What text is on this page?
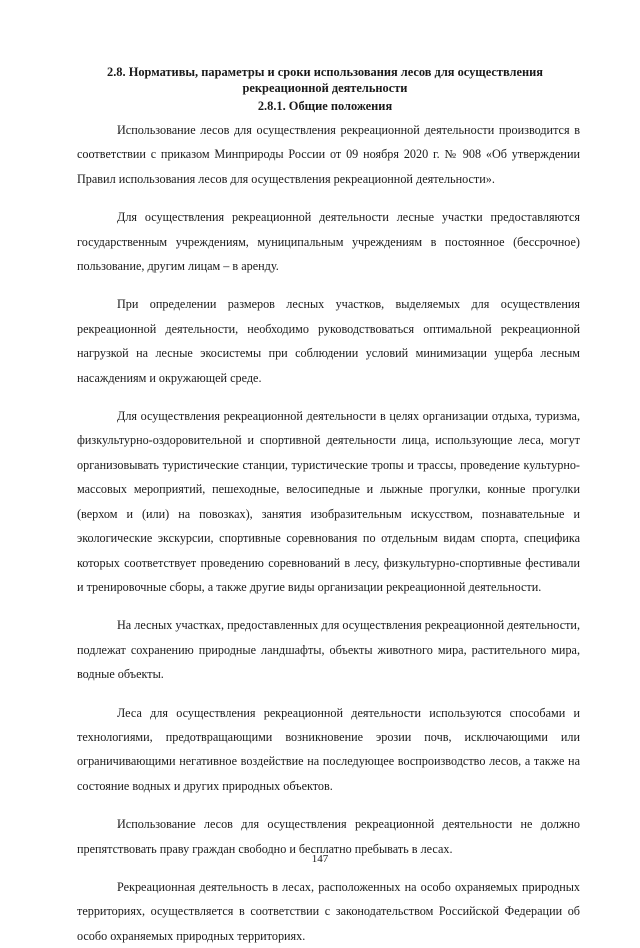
2.8. Нормативы, параметры и сроки использования лесов для осуществления рекреационной деятельности
2.8.1. Общие положения

Использование лесов для осуществления рекреационной деятельности производится в соответствии с приказом Минприроды России от 09 ноября 2020 г. № 908 «Об утверждении Правил использования лесов для осуществления рекреационной деятельности».

Для осуществления рекреационной деятельности лесные участки предоставляются государственным учреждениям, муниципальным учреждениям в постоянное (бессрочное) пользование, другим лицам – в аренду.

При определении размеров лесных участков, выделяемых для осуществления рекреационной деятельности, необходимо руководствоваться оптимальной рекреационной нагрузкой на лесные экосистемы при соблюдении условий минимизации ущерба лесным насаждениям и окружающей среде.

Для осуществления рекреационной деятельности в целях организации отдыха, туризма, физкультурно-оздоровительной и спортивной деятельности лица, использующие леса, могут организовывать туристические станции, туристические тропы и трассы, проведение культурно-массовых мероприятий, пешеходные, велосипедные и лыжные прогулки, конные прогулки (верхом и (или) на повозках), занятия изобразительным искусством, познавательные и экологические экскурсии, спортивные соревнования по отдельным видам спорта, специфика которых соответствует проведению соревнований в лесу, физкультурно-спортивные фестивали и тренировочные сборы, а также другие виды организации рекреационной деятельности.

На лесных участках, предоставленных для осуществления рекреационной деятельности, подлежат сохранению природные ландшафты, объекты животного мира, растительного мира, водные объекты.

Леса для осуществления рекреационной деятельности используются способами и технологиями, предотвращающими возникновение эрозии почв, исключающими или ограничивающими негативное воздействие на последующее воспроизводство лесов, а также на состояние водных и других природных объектов.

Использование лесов для осуществления рекреационной деятельности не должно препятствовать праву граждан свободно и бесплатно пребывать в лесах.

Рекреационная деятельность в лесах, расположенных на особо охраняемых природных территориях, осуществляется в соответствии с законодательством Российской Федерации об особо охраняемых природных территориях.

147
